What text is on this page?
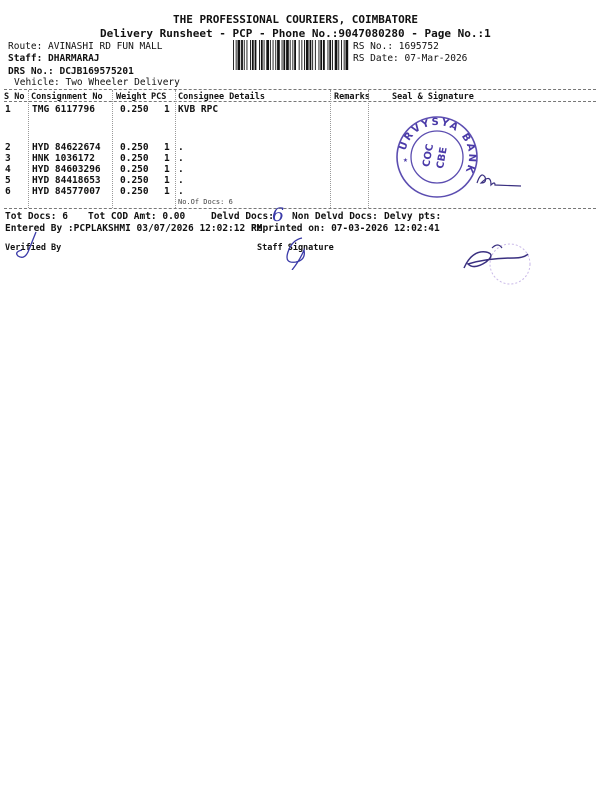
THE PROFESSIONAL COURIERS, COIMBATORE
Delivery Runsheet - PCP - Phone No.:9047080280 - Page No.:1
Route: AVINASHI RD FUN MALL
Staff: DHARMARAJ
DRS No.: DCJB169575201
Vehicle: Two Wheeler Delivery
RS No.: 1695752
RS Date: 07-Mar-2026
S No Consignment No Weight PCS Consignee Details	Remarks	Seal & Signature
1 TMG 6117796	0.250 1 KVB RPC
2 HYD 84622674 0.250 1 .
3 HNK 1036172	0.250 1 .
4 HYD 84603296 0.250 1 .
5 HYD 84418653 0.250 1 .
6 HYD 84577007 0.250 1 .
No.Of Docs: 6
URVYSYA BANK
COC CBE
★
Tot Docs: 6 Tot COD Amt: 0.00	Delvd Docs:
6 Non Delvd Docs: Delvy pts:
Entered By :PCPLAKSHMI 03/07/2026 12:02:12 PM
Reprinted on: 07-03-2026 12:02:41
Verified By	Staff Signature
